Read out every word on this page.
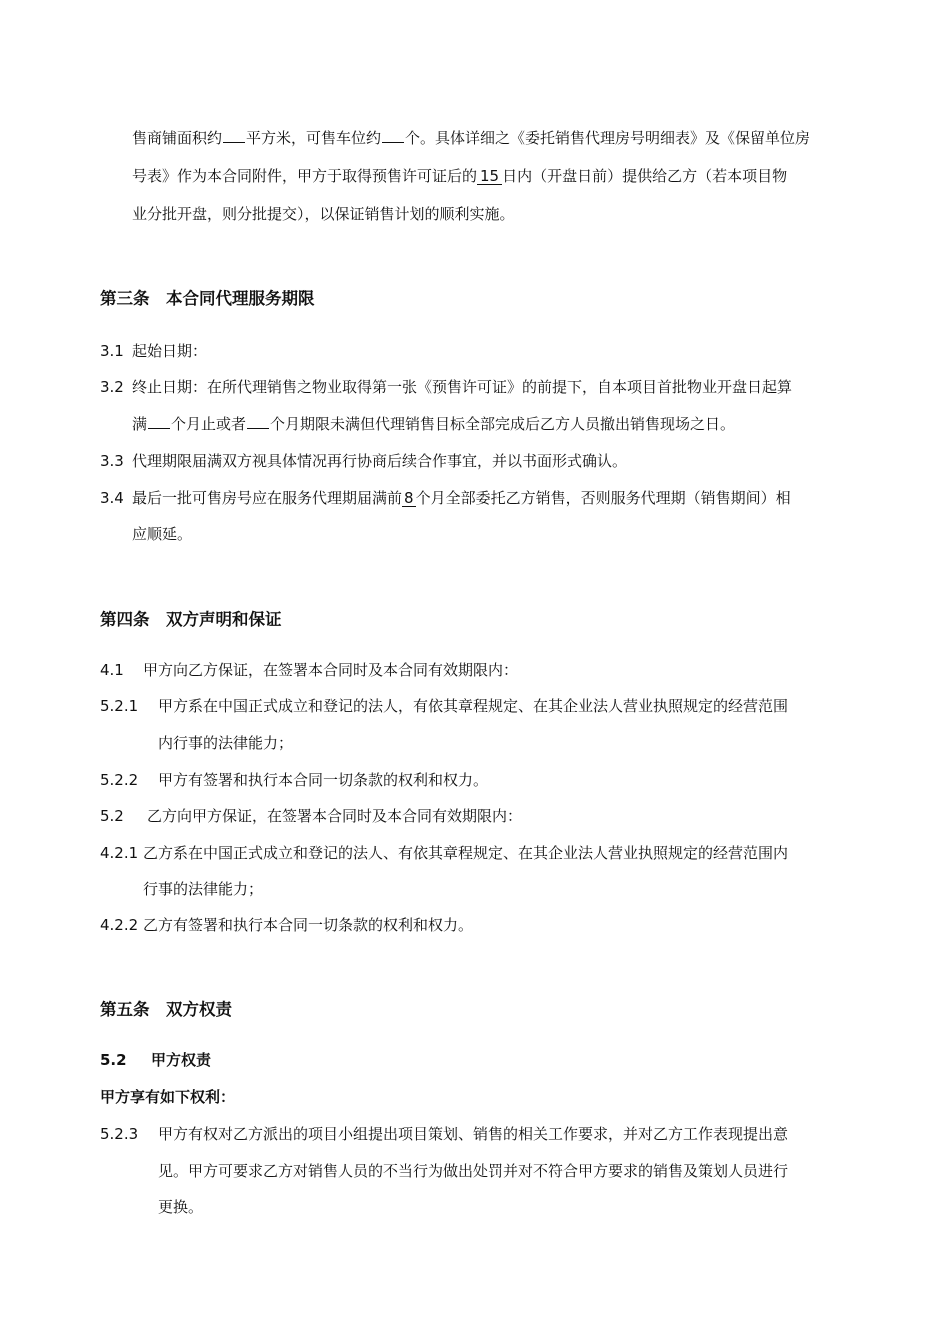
售商铺面积约 平方米，可售车位约 个。具体详细之《委托销售代理房号明细表》及《保留单位房
号表》作为本合同附件，甲方于取得预售许可证后的 15 日内（开盘日前）提供给乙方（若本项目物
业分批开盘，则分批提交），以保证销售计划的顺利实施。
第三条　本合同代理服务期限
3.1 起始日期：
3.2 终止日期：在所代理销售之物业取得第一张《预售许可证》的前提下，自本项目首批物业开盘日起算
满 个月止或者 个月期限未满但代理销售目标全部完成后乙方人员撤出销售现场之日。
3.3 代理期限届满双方视具体情况再行协商后续合作事宜，并以书面形式确认。
3.4 最后一批可售房号应在服务代理期届满前 8 个月全部委托乙方销售，否则服务代理期（销售期间）相
应顺延。
第四条　双方声明和保证
4.1 甲方向乙方保证，在签署本合同时及本合同有效期限内：
5.2.1 甲方系在中国正式成立和登记的法人，有依其章程规定、在其企业法人营业执照规定的经营范围
内行事的法律能力；
5.2.2 甲方有签署和执行本合同一切条款的权利和权力。
5.2 乙方向甲方保证，在签署本合同时及本合同有效期限内：
4.2.1 乙方系在中国正式成立和登记的法人、有依其章程规定、在其企业法人营业执照规定的经营范围内
行事的法律能力；
4.2.2 乙方有签署和执行本合同一切条款的权利和权力。
第五条　双方权责
5.2 甲方权责
甲方享有如下权利：
5.2.3 甲方有权对乙方派出的项目小组提出项目策划、销售的相关工作要求，并对乙方工作表现提出意
见。甲方可要求乙方对销售人员的不当行为做出处罚并对不符合甲方要求的销售及策划人员进行
更换。
